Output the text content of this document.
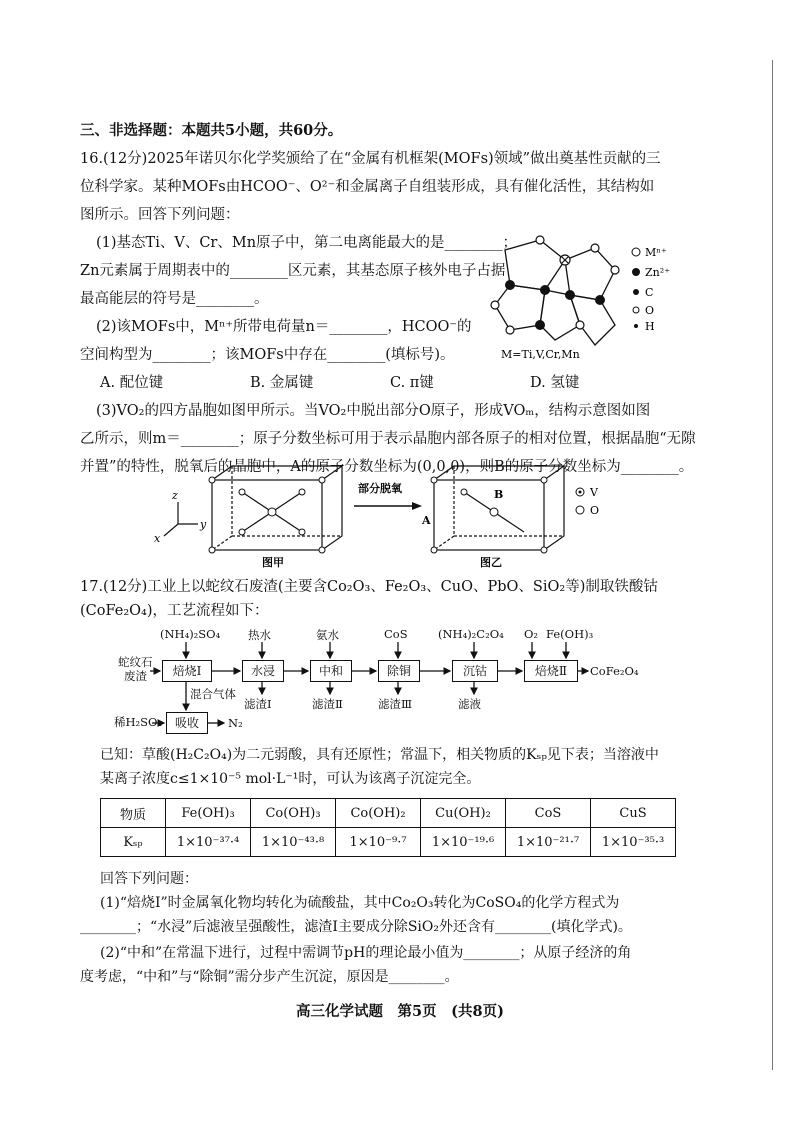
三、非选择题：本题共5小题，共60分。
16.(12分)2025年诺贝尔化学奖颁给了在“金属有机框架(MOFs)领域”做出奠基性贡献的三
位科学家。某种MOFs由HCOO⁻、O²⁻和金属离子自组装形成，具有催化活性，其结构如
图所示。回答下列问题：
(1)基态Ti、V、Cr、Mn原子中，第二电离能最大的是________；
Zn元素属于周期表中的________区元素，其基态原子核外电子占据
最高能层的符号是________。
(2)该MOFs中，Mⁿ⁺所带电荷量n＝________，HCOO⁻的
空间构型为________；该MOFs中存在________(填标号)。
A. 配位键	B. 金属键	C. π键	D. 氢键
(3)VO₂的四方晶胞如图甲所示。当VO₂中脱出部分O原子，形成VOₘ，结构示意图如图
乙所示，则m＝________；原子分数坐标可用于表示晶胞内部各原子的相对位置，根据晶胞“无隙
并置”的特性，脱氧后的晶胞中，A的原子分数坐标为(0,0,0)，则B的原子分数坐标为________。
M=Ti,V,Cr,Mn
Mⁿ⁺
Zn²⁺
C
O
H
z
y
x
图甲
部分脱氧	B
A
图乙
V
O
17.(12分)工业上以蛇纹石废渣(主要含Co₂O₃、Fe₂O₃、CuO、PbO、SiO₂等)制取铁酸钴
(CoFe₂O₄)，工艺流程如下：
蛇纹石
废渣
(NH₄)₂SO₄ 热水	氨水	CoS	(NH₄)₂C₂O₄ O₂ Fe(OH)₃
焙烧Ⅰ	水浸	中和	除铜	沉钴	焙烧Ⅱ	CoFe₂O₄
滤渣Ⅰ	滤渣Ⅱ	滤渣Ⅲ	滤液
混合气体
稀H₂SO₄	吸收	N₂
已知：草酸(H₂C₂O₄)为二元弱酸，具有还原性；常温下，相关物质的Kₛₚ见下表；当溶液中
某离子浓度c≤1×10⁻⁵ mol·L⁻¹时，可认为该离子沉淀完全。
物质	Fe(OH)₃	Co(OH)₃	Co(OH)₂	Cu(OH)₂	CoS	CuS
Kₛₚ	1×10⁻³⁷·⁴	1×10⁻⁴³·⁸	1×10⁻⁹·⁷	1×10⁻¹⁹·⁶	1×10⁻²¹·⁷	1×10⁻³⁵·³
回答下列问题：
(1)“焙烧Ⅰ”时金属氧化物均转化为硫酸盐，其中Co₂O₃转化为CoSO₄的化学方程式为
________；“水浸”后滤液呈强酸性，滤渣Ⅰ主要成分除SiO₂外还含有________(填化学式)。
(2)“中和”在常温下进行，过程中需调节pH的理论最小值为________；从原子经济的角
度考虑，“中和”与“除铜”需分步产生沉淀，原因是________。
高三化学试题　第5页　(共8页)
